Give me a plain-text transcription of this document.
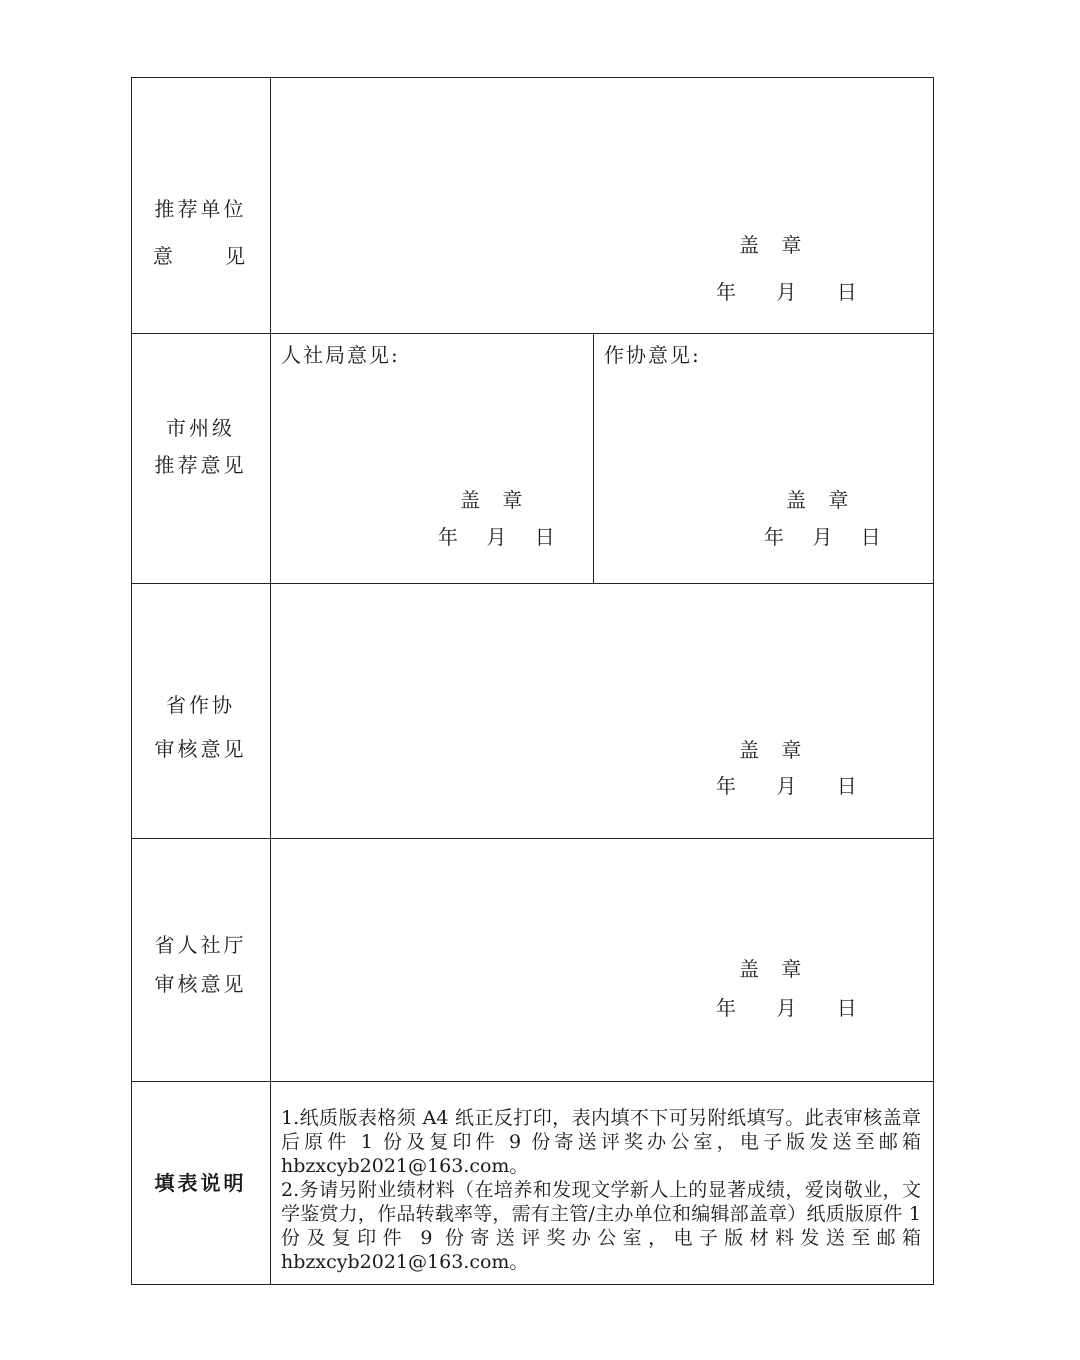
推荐单位
意 见	盖 章
年 月 日
市州级
推荐意见
人社局意见:
盖 章
年 月 日
作协意见:
盖 章
年 月 日
省作协
审核意见	盖 章
年 月 日
省人社厅
审核意见
盖 章
年 月 日
填表说明

1.纸质版表格须 A4 纸正反打印，表内填不下可另附纸填写。此表审核盖章后原件 1 份及复印件 9 份寄送评奖办公室，电子版发送至邮箱 hbzxcyb2021@163.com。

2.务请另附业绩材料（在培养和发现文学新人上的显著成绩，爱岗敬业，文学鉴赏力，作品转载率等，需有主管/主办单位和编辑部盖章）纸质版原件 1 份及复印件 9 份寄送评奖办公室，电子版材料发送至邮箱 hbzxcyb2021@163.com。
